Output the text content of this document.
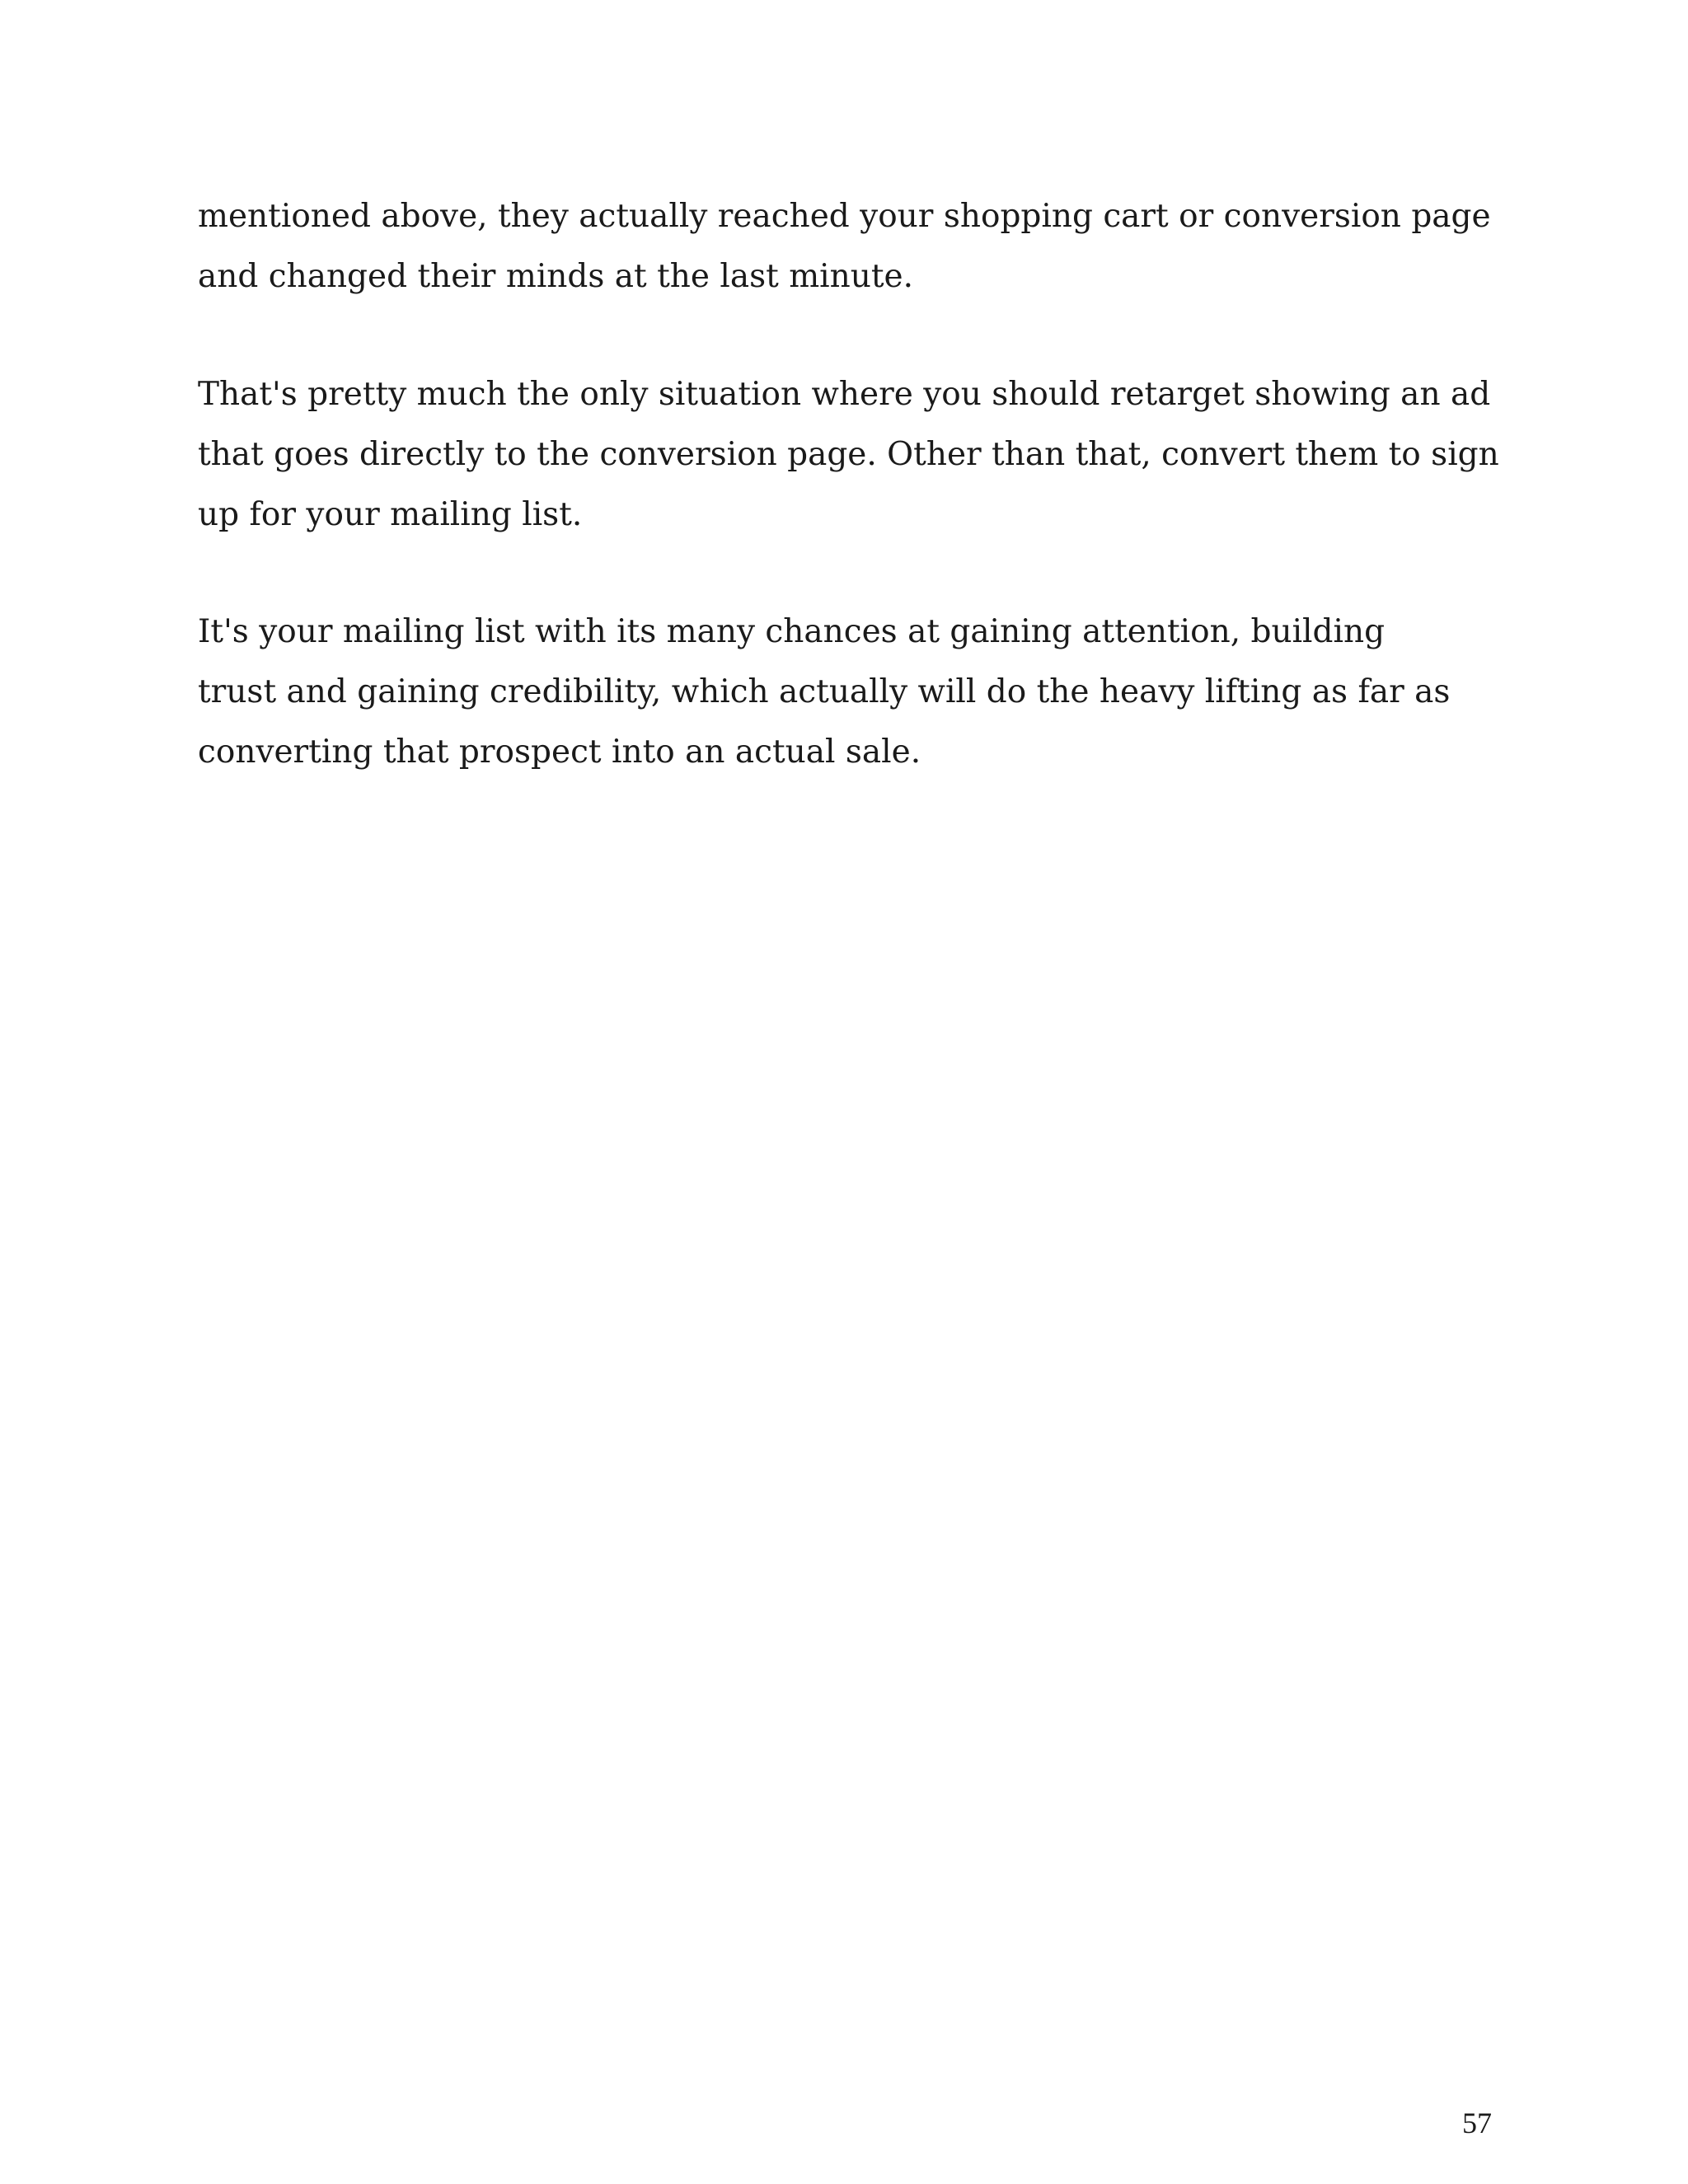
mentioned above, they actually reached your shopping cart or conversion page
and changed their minds at the last minute.

That's pretty much the only situation where you should retarget showing an ad
that goes directly to the conversion page. Other than that, convert them to sign
up for your mailing list.

It's your mailing list with its many chances at gaining attention, building
trust and gaining credibility, which actually will do the heavy lifting as far as
converting that prospect into an actual sale.

57
